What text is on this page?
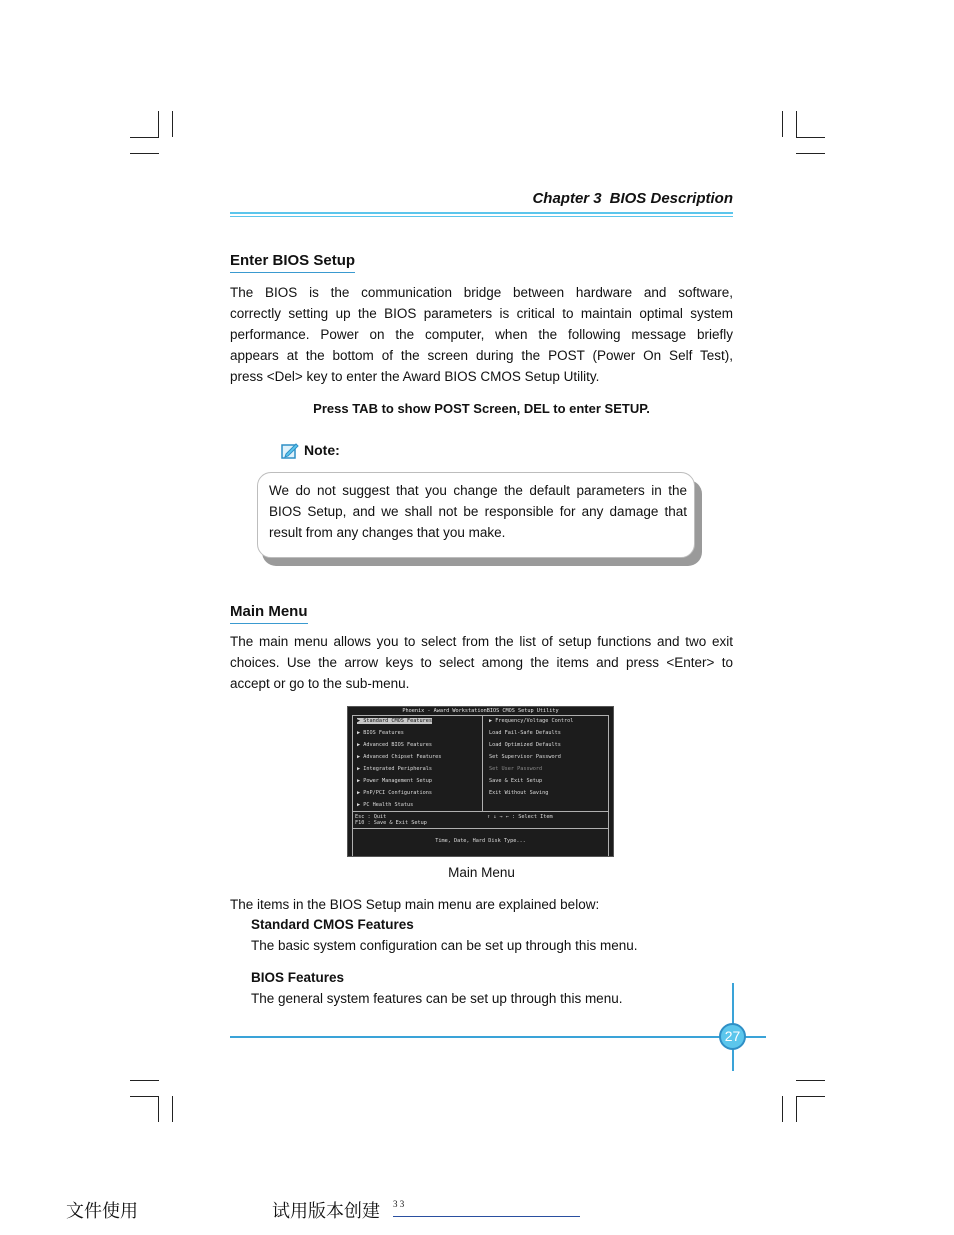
Chapter 3 BIOS Description
Enter BIOS Setup
The BIOS is the communication bridge between hardware and software,
correctly setting up the BIOS parameters is critical to maintain optimal system
performance. Power on the computer, when the following message briefly
appears at the bottom of the screen during the POST (Power On Self Test),
press <Del> key to enter the Award BIOS CMOS Setup Utility.
Press TAB to show POST Screen, DEL to enter SETUP.
Note:
We do not suggest that you change the default parameters in the
BIOS Setup, and we shall not be responsible for any damage that
result from any changes that you make.
Main Menu
The main menu allows you to select from the list of setup functions and two exit
choices. Use the arrow keys to select among the items and press <Enter> to
accept or go to the sub-menu.
Phoenix - Award WorkstationBIOS CMOS Setup Utility
▶ Standard CMOS Features
▶ BIOS Features
▶ Advanced BIOS Features
▶ Advanced Chipset Features
▶ Integrated Peripherals
▶ Power Management Setup
▶ PnP/PCI Configurations
▶ PC Health Status
▶ Frequency/Voltage Control
Load Fail-Safe Defaults
Load Optimized Defaults
Set Supervisor Password
Set User Password
Save & Exit Setup
Exit Without Saving
Esc : Quit
F10 : Save & Exit Setup
↑ ↓ → ← : Select Item
Time, Date, Hard Disk Type...
Main Menu
The items in the BIOS Setup main menu are explained below:
Standard CMOS Features
The basic system configuration can be set up through this menu.
BIOS Features
The general system features can be set up through this menu.
27
文件使用	试用版本创建 3 3
